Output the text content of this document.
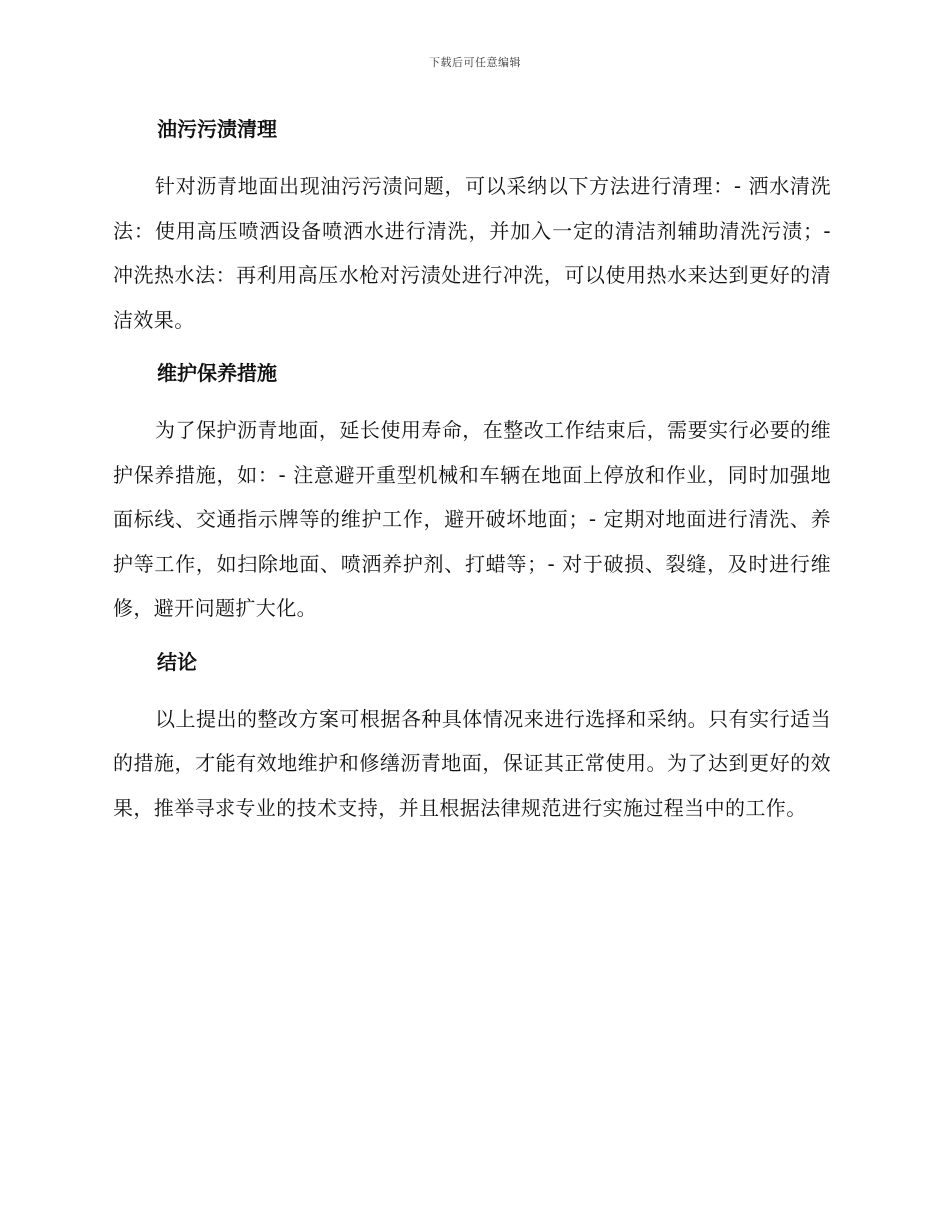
下载后可任意编辑
油污污渍清理

针对沥青地面出现油污污渍问题，可以采纳以下方法进行清理：- 洒水清洗法：使用高压喷洒设备喷洒水进行清洗，并加入一定的清洁剂辅助清洗污渍；- 冲洗热水法：再利用高压水枪对污渍处进行冲洗，可以使用热水来达到更好的清洁效果。

维护保养措施

为了保护沥青地面，延长使用寿命，在整改工作结束后，需要实行必要的维护保养措施，如：- 注意避开重型机械和车辆在地面上停放和作业，同时加强地面标线、交通指示牌等的维护工作，避开破坏地面；- 定期对地面进行清洗、养护等工作，如扫除地面、喷洒养护剂、打蜡等；- 对于破损、裂缝，及时进行维修，避开问题扩大化。

结论

以上提出的整改方案可根据各种具体情况来进行选择和采纳。只有实行适当的措施，才能有效地维护和修缮沥青地面，保证其正常使用。为了达到更好的效果，推举寻求专业的技术支持，并且根据法律规范进行实施过程当中的工作。
